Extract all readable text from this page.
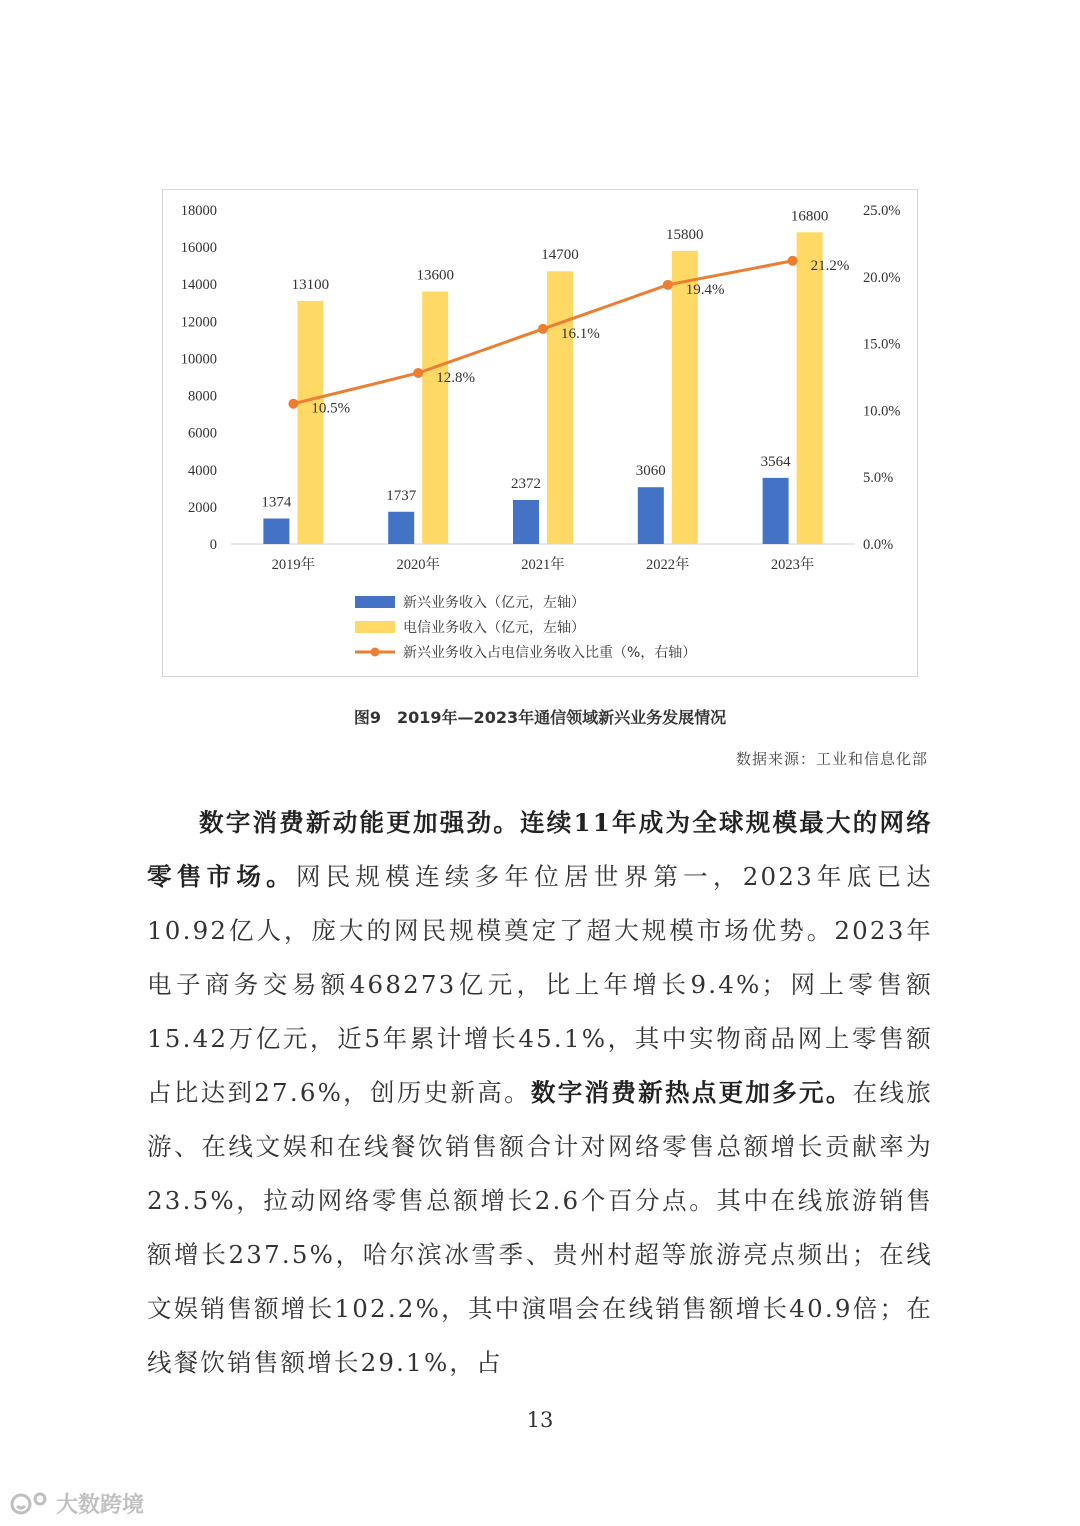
0
2000
4000
6000
8000
10000
12000
14000
16000
18000
0.0%
5.0%
10.0%
15.0%
20.0%
25.0%
1374
13100
2019年
1737
13600
2020年
2372
14700
2021年
3060
15800
2022年
3564
16800
2023年
10.5%
12.8%
16.1%
19.4%
21.2%
新兴业务收入（亿元，左轴）
电信业务收入（亿元，左轴）
新兴业务收入占电信业务收入比重（%，右轴）
图9　2019年—2023年通信领域新兴业务发展情况
数据来源：工业和信息化部

数字消费新动能更加强劲。连续11年成为全球规模最大的网络零售市场。网民规模连续多年位居世界第一，2023年底已达10.92亿人，庞大的网民规模奠定了超大规模市场优势。2023年电子商务交易额468273亿元，比上年增长9.4%；网上零售额15.42万亿元，近5年累计增长45.1%，其中实物商品网上零售额占比达到27.6%，创历史新高。数字消费新热点更加多元。在线旅游、在线文娱和在线餐饮销售额合计对网络零售总额增长贡献率为23.5%，拉动网络零售总额增长2.6个百分点。其中在线旅游销售额增长237.5%，哈尔滨冰雪季、贵州村超等旅游亮点频出；在线文娱销售额增长102.2%，其中演唱会在线销售额增长40.9倍；在线餐饮销售额增长29.1%，占

13
大数跨境
